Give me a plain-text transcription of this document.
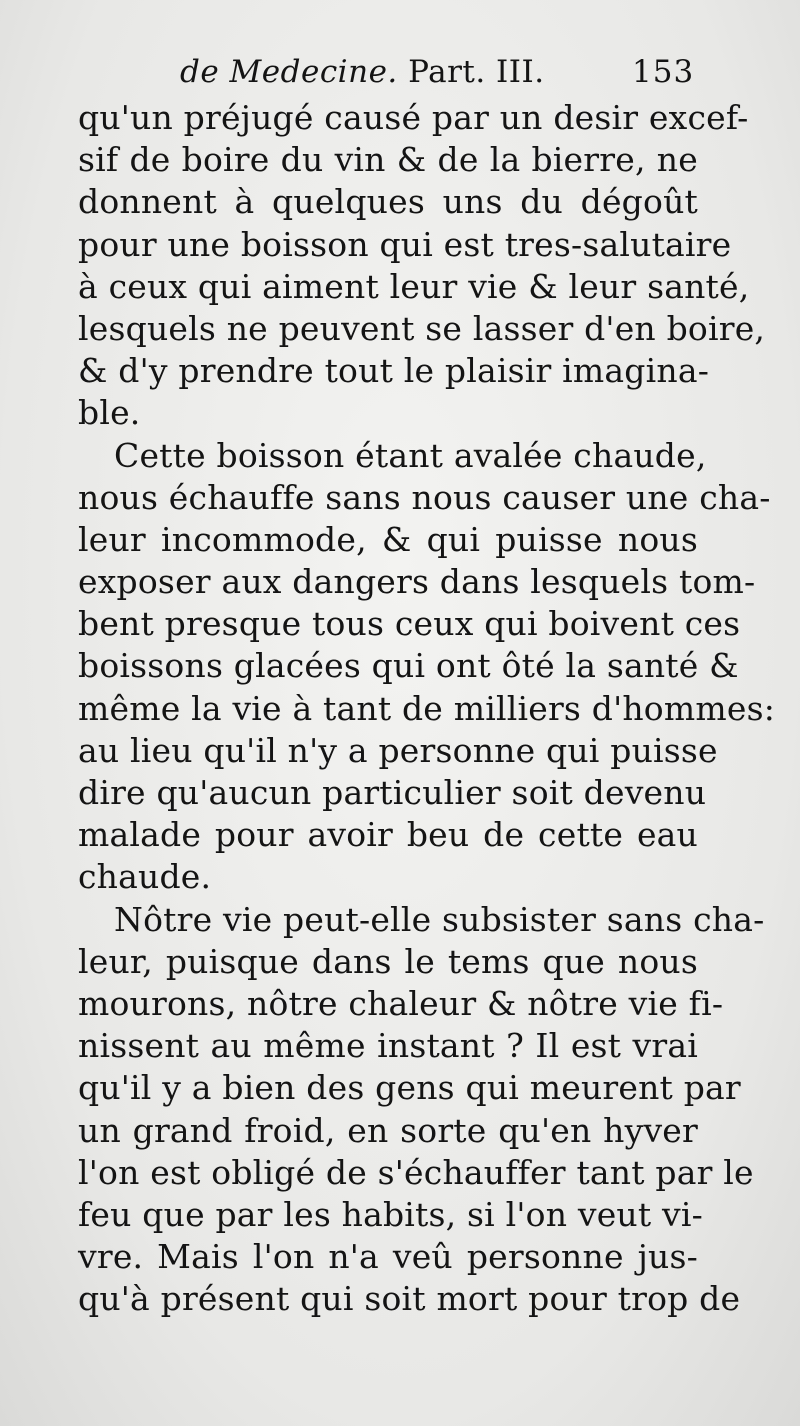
de Medecine. Part. III.	153
qu'un préjugé causé par un desir excef-
sif de boire du vin & de la bierre, ne
donnent à quelques uns du dégoût
pour une boisson qui est tres-salutaire
à ceux qui aiment leur vie & leur santé,
lesquels ne peuvent se lasser d'en boire,
& d'y prendre tout le plaisir imagina-
ble.
Cette boisson étant avalée chaude,
nous échauffe sans nous causer une cha-
leur incommode, & qui puisse nous
exposer aux dangers dans lesquels tom-
bent presque tous ceux qui boivent ces
boissons glacées qui ont ôté la santé &
même la vie à tant de milliers d'hommes:
au lieu qu'il n'y a personne qui puisse
dire qu'aucun particulier soit devenu
malade pour avoir beu de cette eau
chaude.
Nôtre vie peut-elle subsister sans cha-
leur, puisque dans le tems que nous
mourons, nôtre chaleur & nôtre vie fi-
nissent au même instant ? Il est vrai
qu'il y a bien des gens qui meurent par
un grand froid, en sorte qu'en hyver
l'on est obligé de s'échauffer tant par le
feu que par les habits, si l'on veut vi-
vre. Mais l'on n'a veû personne jus-
qu'à présent qui soit mort pour trop de
